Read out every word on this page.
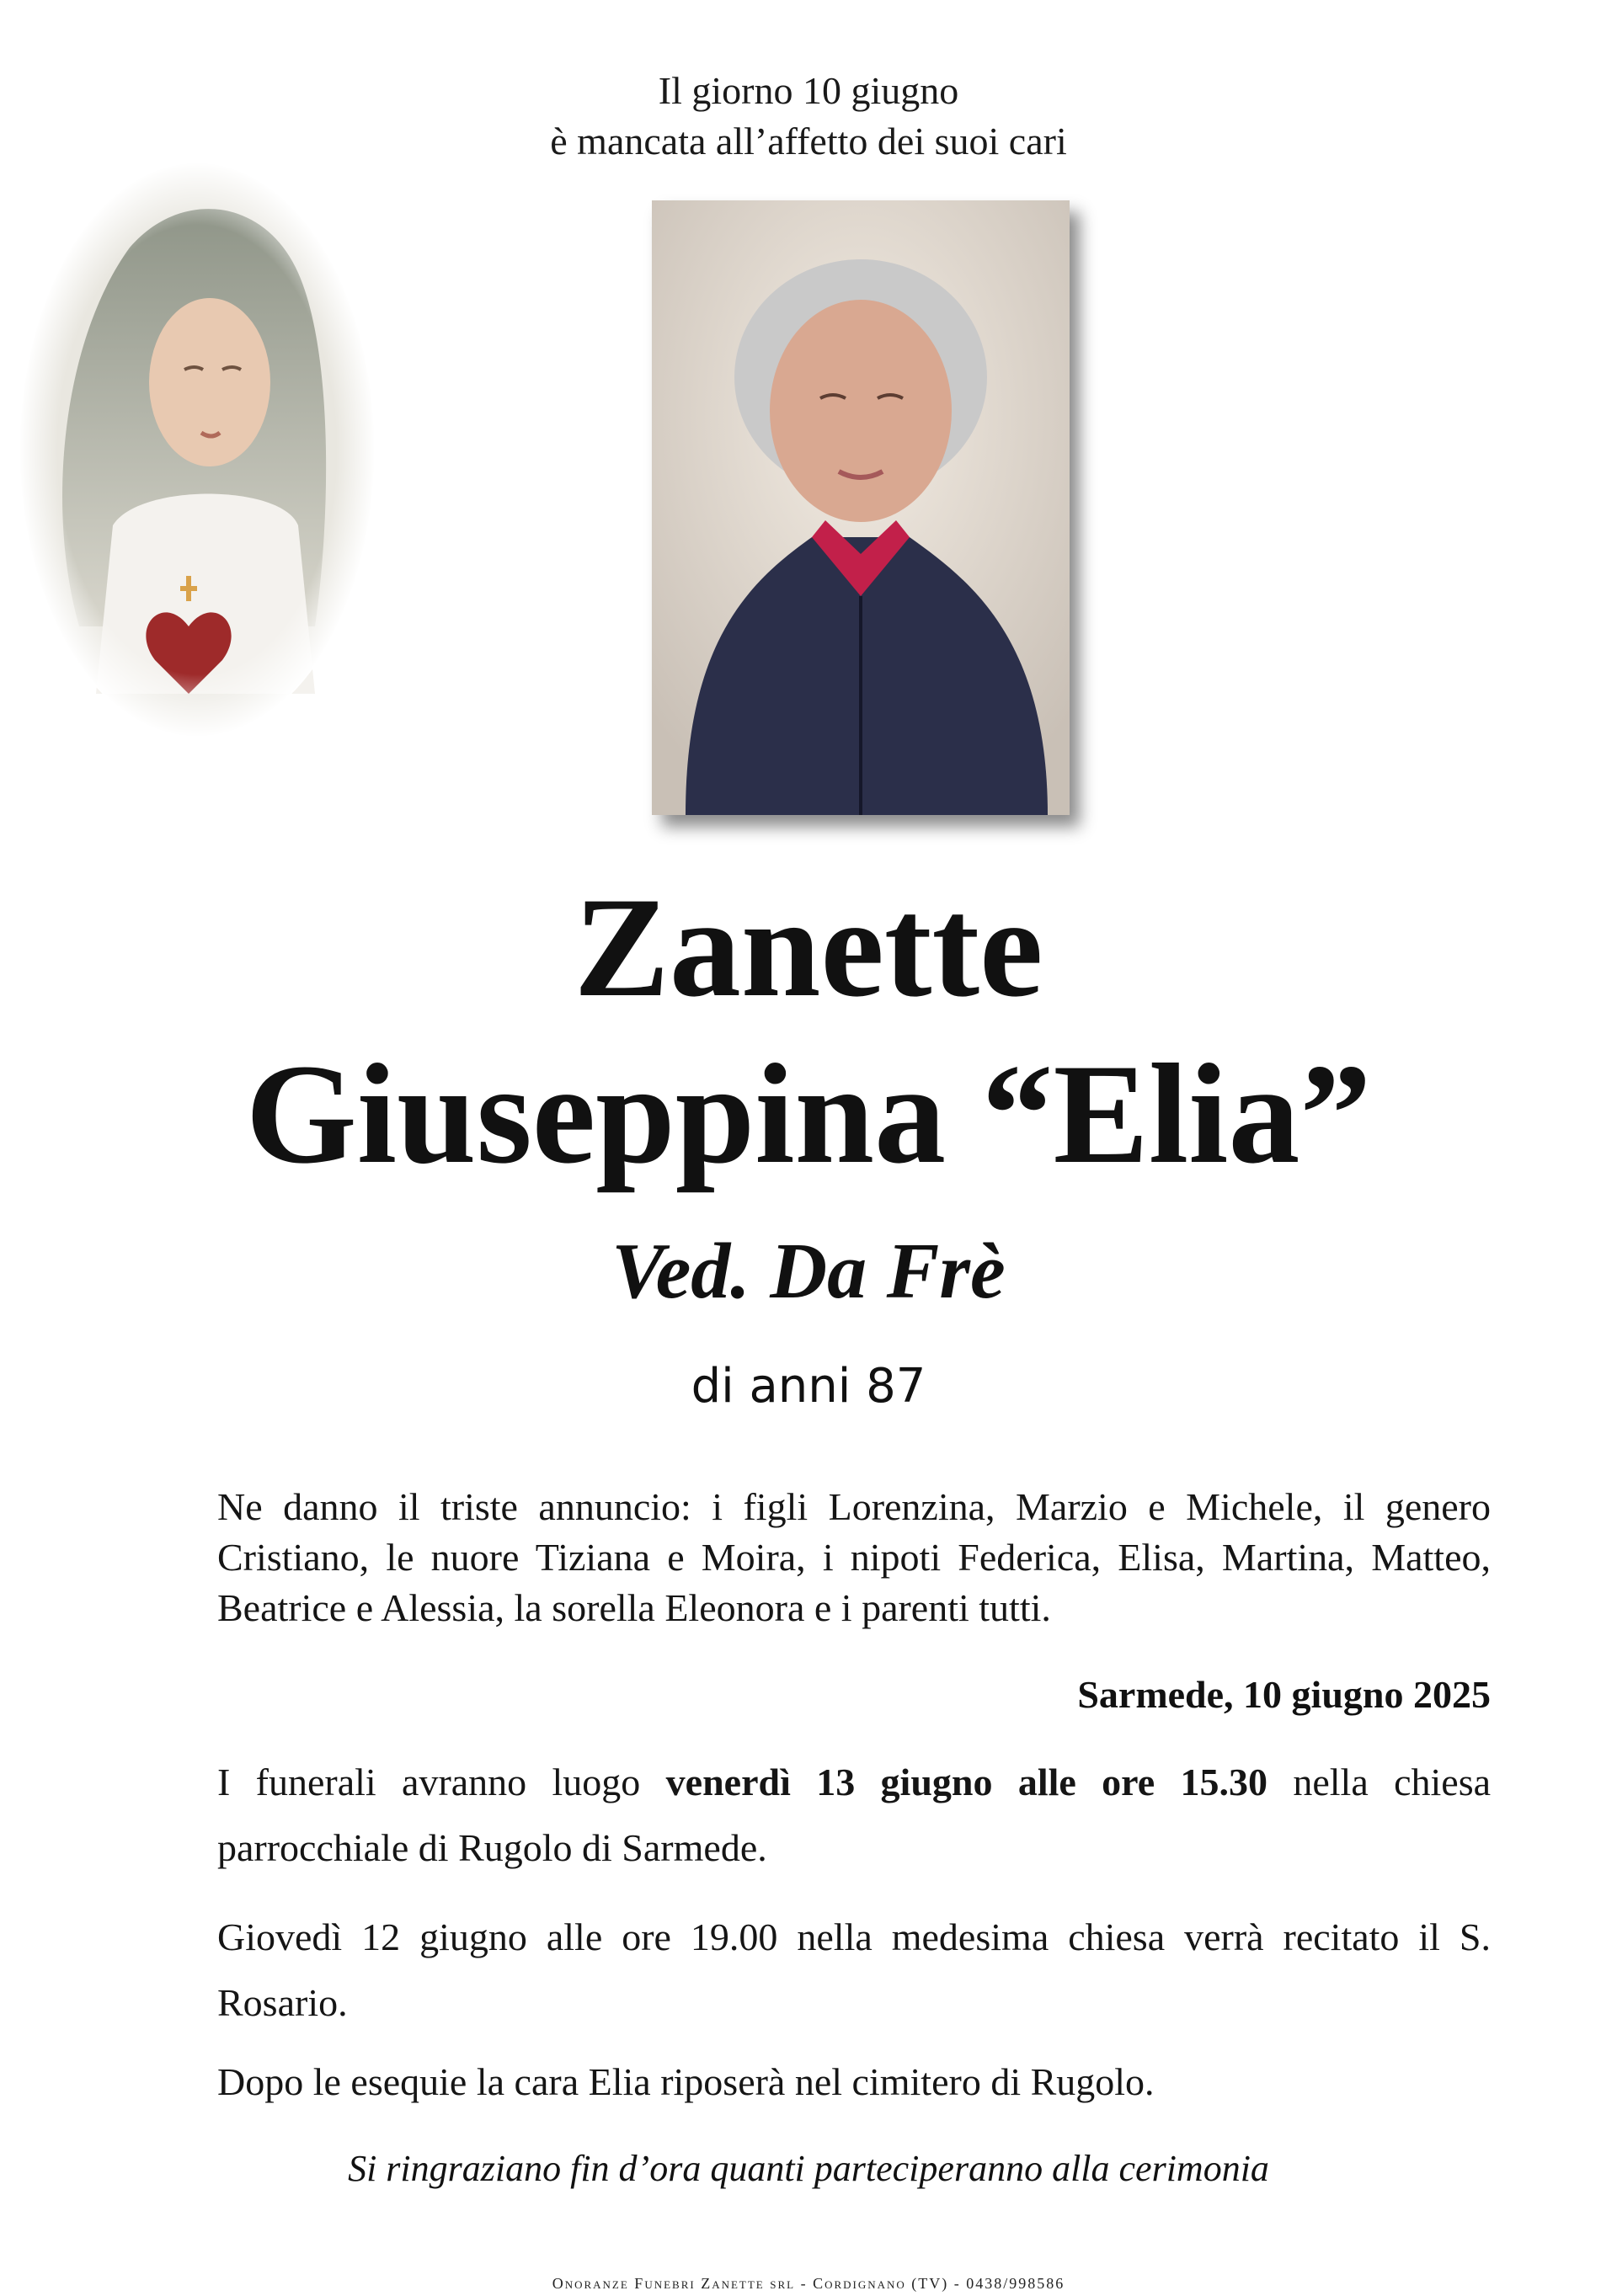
Il giorno 10 giugno
è mancata all’affetto dei suoi cari
Zanette
Giuseppina “Elia”
Ved. Da Frè
di anni 87
Ne danno il triste annuncio: i figli Lorenzina, Marzio e Michele, il genero Cristiano, le nuore Tiziana e Moira, i nipoti Federica, Elisa, Martina, Matteo, Beatrice e Alessia, la sorella Eleonora e i parenti tutti.
Sarmede, 10 giugno 2025
I funerali avranno luogo venerdì 13 giugno alle ore 15.30 nella chiesa parrocchiale di Rugolo di Sarmede.
Giovedì 12 giugno alle ore 19.00 nella medesima chiesa verrà recitato il S. Rosario.
Dopo le esequie la cara Elia riposerà nel cimitero di Rugolo.
Si ringraziano fin d’ora quanti parteciperanno alla cerimonia
Onoranze Funebri Zanette srl - Cordignano (TV) - 0438/998586
